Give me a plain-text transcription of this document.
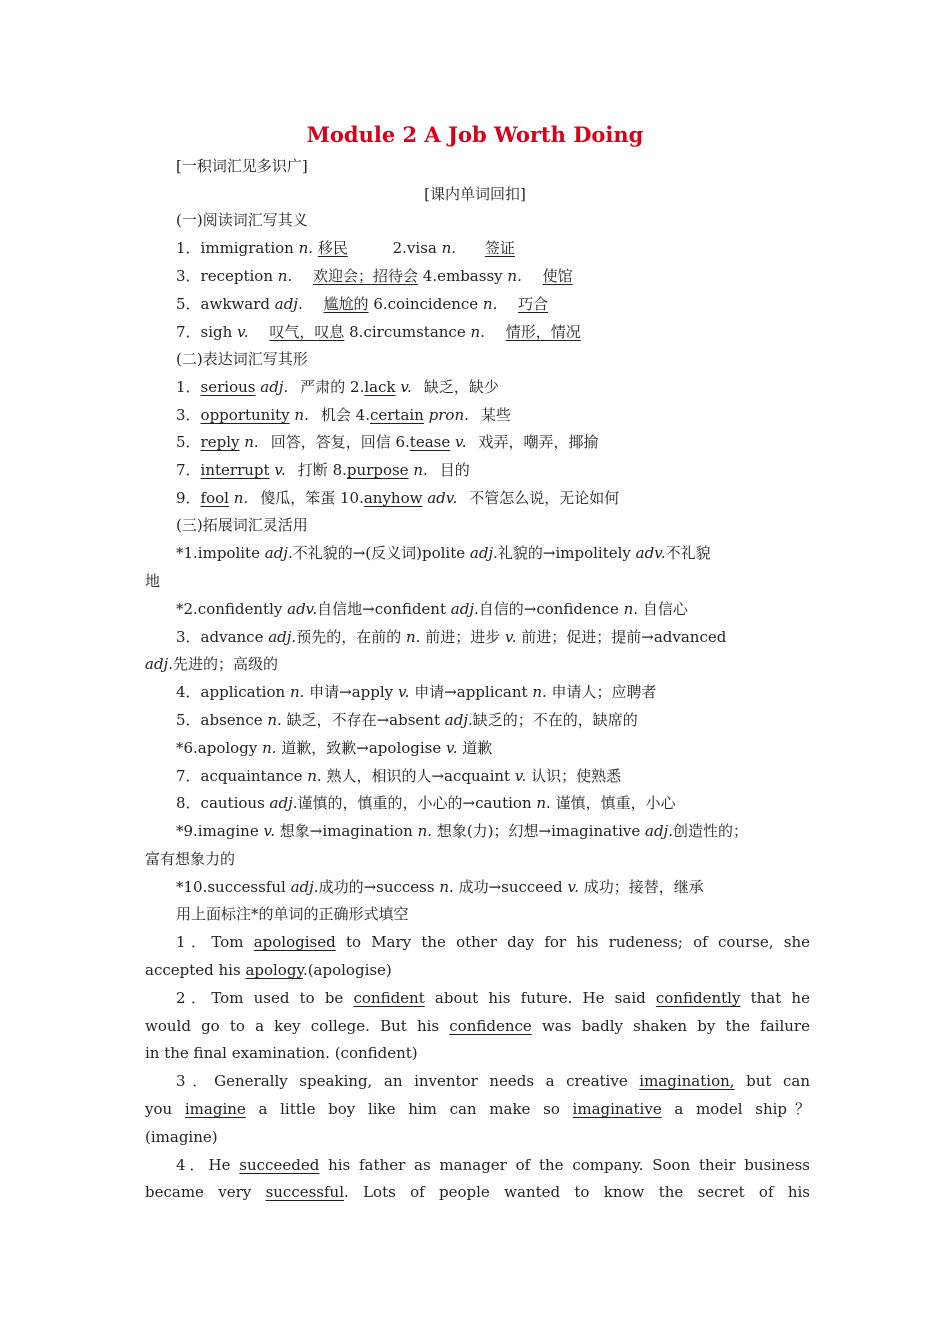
Module 2 A Job Worth Doing
[一积词汇见多识广]
[课内单词回扣]
(一)阅读词汇写其义
1．immigration n. 移民	2.visa n. 签证
3．reception n. 欢迎会；招待会 4.embassy n. 使馆
5．awkward adj. 尴尬的 6.coincidence n. 巧合
7．sigh v. 叹气，叹息 8.circumstance n. 情形，情况
(二)表达词汇写其形
1．serious adj. 严肃的 2.lack v. 缺乏，缺少
3．opportunity n. 机会 4.certain pron. 某些
5．reply n. 回答，答复，回信 6.tease v. 戏弄，嘲弄，揶揄
7．interrupt v. 打断 8.purpose n. 目的
9．fool n. 傻瓜，笨蛋 10.anyhow adv. 不管怎么说，无论如何
(三)拓展词汇灵活用
*1.impolite adj.不礼貌的→(反义词)polite adj.礼貌的→impolitely adv.不礼貌
地
*2.confidently adv.自信地→confident adj.自信的→confidence n. 自信心
3．advance adj.预先的，在前的 n. 前进；进步 v. 前进；促进；提前→advanced
adj.先进的；高级的
4．application n. 申请→apply v. 申请→applicant n. 申请人；应聘者
5．absence n. 缺乏，不存在→absent adj.缺乏的；不在的，缺席的
*6.apology n. 道歉，致歉→apologise v. 道歉
7．acquaintance n. 熟人，相识的人→acquaint v. 认识；使熟悉
8．cautious adj.谨慎的，慎重的，小心的→caution n. 谨慎，慎重，小心
*9.imagine v. 想象→imagination n. 想象(力)；幻想→imaginative adj.创造性的；
富有想象力的
*10.successful adj.成功的→success n. 成功→succeed v. 成功；接替，继承
用上面标注*的单词的正确形式填空
1．Tom apologised to Mary the other day for his rudeness; of course, she
accepted his apology.(apologise)
2．Tom used to be confident about his future. He said confidently that he
would go to a key college. But his confidence was badly shaken by the failure
in the final examination. (confident)
3．Generally speaking, an inventor needs a creative imagination, but can
you imagine a little boy like him can make so imaginative a model ship？
(imagine)
4．He succeeded his father as manager of the company. Soon their business
became very successful. Lots of people wanted to know the secret of his
